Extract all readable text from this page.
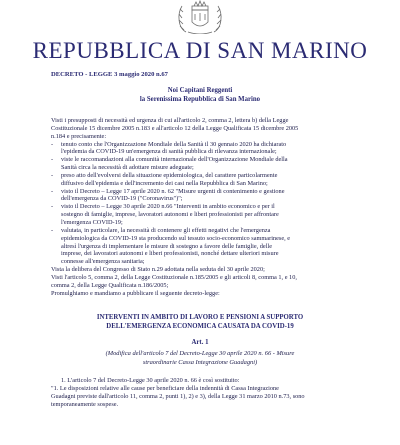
REPUBBLICA DI SAN MARINO
DECRETO - LEGGE 3 maggio 2020 n.67
Noi Capitani Reggenti
la Serenissima Repubblica di San Marino
Visti i presupposti di necessità ed urgenza di cui all'articolo 2, comma 2, lettera b) della Legge
Costituzionale 15 dicembre 2005 n.183 e all'articolo 12 della Legge Qualificata 15 dicembre 2005
n.184 e precisamente:
- tenuto conto che l'Organizzazione Mondiale della Sanità il 30 gennaio 2020 ha dichiarato
l'epidemia da COVID-19 un'emergenza di sanità pubblica di rilevanza internazionale;
- viste le raccomandazioni alla comunità internazionale dell'Organizzazione Mondiale della
Sanità circa la necessità di adottare misure adeguate;
- preso atto dell'evolversi della situazione epidemiologica, del carattere particolarmente
diffusivo dell'epidemia e dell'incremento dei casi nella Repubblica di San Marino;
- visto il Decreto – Legge 17 aprile 2020 n. 62 "Misure urgenti di contenimento e gestione
dell'emergenza da COVID-19 ("Coronavirus")";
- visto il Decreto – Legge 30 aprile 2020 n.66 "Interventi in ambito economico e per il
sostegno di famiglie, imprese, lavoratori autonomi e liberi professionisti per affrontare
l'emergenza COVID-19;
- valutata, in particolare, la necessità di contenere gli effetti negativi che l'emergenza
epidemiologica da COVID-19 sta producendo sul tessuto socio-economico sammarinese, e
altresì l'urgenza di implementare le misure di sostegno a favore delle famiglie, delle
imprese, dei lavoratori autonomi e liberi professionisti, nonché dettare ulteriori misure
connesse all'emergenza sanitaria;
Vista la delibera del Congresso di Stato n.29 adottata nella seduta del 30 aprile 2020;
Visti l'articolo 5, comma 2, della Legge Costituzionale n.185/2005 e gli articoli 8, comma 1, e 10,
comma 2, della Legge Qualificata n.186/2005;
Promulghiamo e mandiamo a pubblicare il seguente decreto-legge:
INTERVENTI IN AMBITO DI LAVORO E PENSIONI A SUPPORTO
DELL'EMERGENZA ECONOMICA CAUSATA DA COVID-19
Art. 1
(Modifica dell'articolo 7 del Decreto-Legge 30 aprile 2020 n. 66 - Misure
straordinarie Cassa Integrazione Guadagni)
1. L'articolo 7 del Decreto-Legge 30 aprile 2020 n. 66 è così sostituito:
"1. Le disposizioni relative alle cause per beneficiare della indennità di Cassa Integrazione
Guadagni previste dall'articolo 11, comma 2, punti 1), 2) e 3), della Legge 31 marzo 2010 n.73, sono
temporaneamente sospese.
